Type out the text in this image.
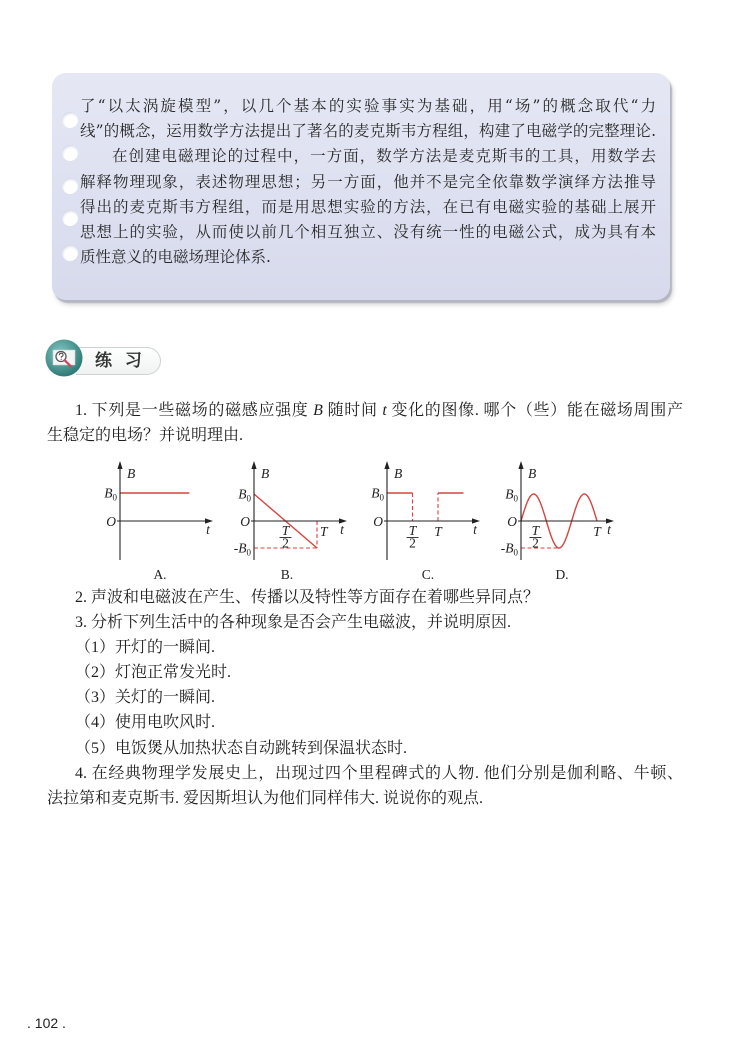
了“以太涡旋模型”，以几个基本的实验事实为基础，用“场”的概念取代“力
线”的概念，运用数学方法提出了著名的麦克斯韦方程组，构建了电磁学的完整理论.
在创建电磁理论的过程中，一方面，数学方法是麦克斯韦的工具，用数学去
解释物理现象，表述物理思想；另一方面，他并不是完全依靠数学演绎方法推导
得出的麦克斯韦方程组，而是用思想实验的方法，在已有电磁实验的基础上展开
思想上的实验，从而使以前几个相互独立、没有统一性的电磁公式，成为具有本
质性意义的电磁场理论体系.
练 习
1. 下列是一些磁场的磁感应强度 B 随时间 t 变化的图像. 哪个（些）能在磁场周围产
生稳定的电场？并说明理由.
B
t
O
$B_0$
A.
B
t
O
$B_0$
$-B_0$
T
2
T
B.
B
t
O
$B_0$
T
2
T
C.
B
t
O
$B_0$
$-B_0$
T
2
T
D.
2. 声波和电磁波在产生、传播以及特性等方面存在着哪些异同点？
3. 分析下列生活中的各种现象是否会产生电磁波，并说明原因.
（1）开灯的一瞬间.
（2）灯泡正常发光时.
（3）关灯的一瞬间.
（4）使用电吹风时.
（5）电饭煲从加热状态自动跳转到保温状态时.
4. 在经典物理学发展史上，出现过四个里程碑式的人物. 他们分别是伽利略、牛顿、
法拉第和麦克斯韦. 爱因斯坦认为他们同样伟大. 说说你的观点.
. 102 .
